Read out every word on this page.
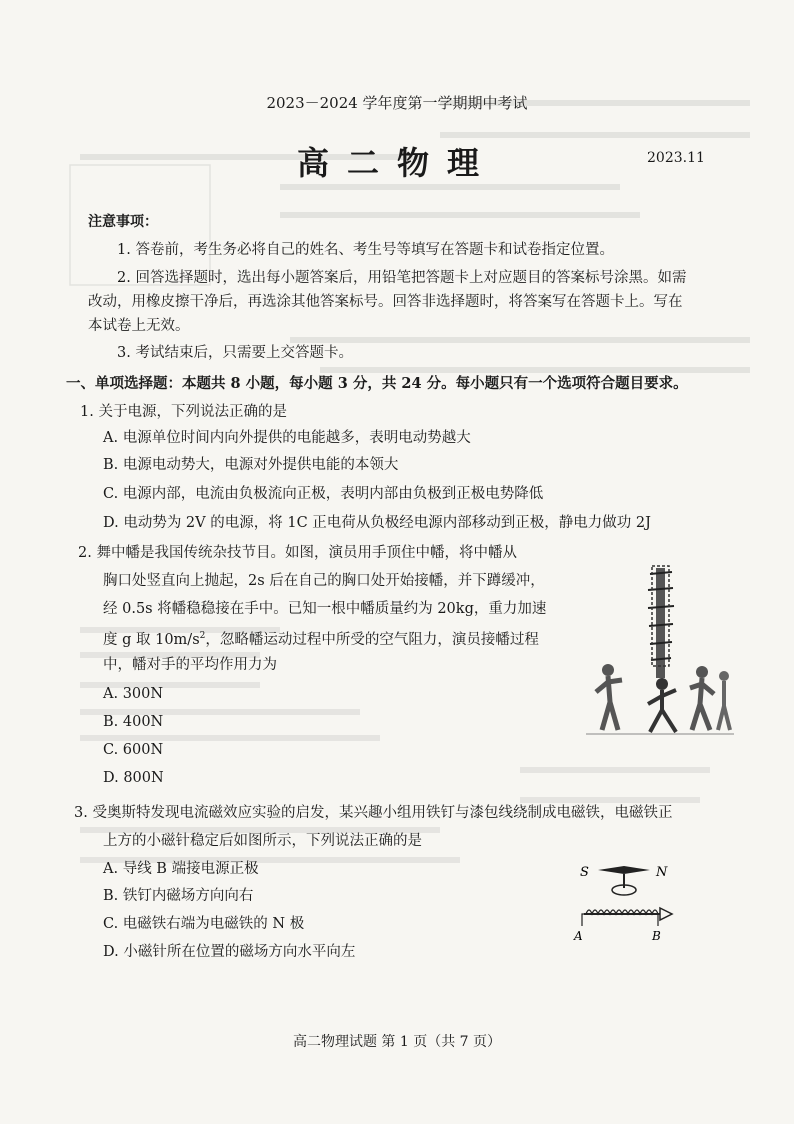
2023－2024 学年度第一学期期中考试
高二物理	2023.11
注意事项：

1. 答卷前，考生务必将自己的姓名、考生号等填写在答题卡和试卷指定位置。

2. 回答选择题时，选出每小题答案后，用铅笔把答题卡上对应题目的答案标号涂黑。如需

改动，用橡皮擦干净后，再选涂其他答案标号。回答非选择题时，将答案写在答题卡上。写在

本试卷上无效。

3. 考试结束后，只需要上交答题卡。

一、单项选择题：本题共 8 小题，每小题 3 分，共 24 分。每小题只有一个选项符合题目要求。

1. 关于电源，下列说法正确的是

A. 电源单位时间内向外提供的电能越多，表明电动势越大

B. 电源电动势大，电源对外提供电能的本领大

C. 电源内部，电流由负极流向正极，表明内部由负极到正极电势降低

D. 电动势为 2V 的电源，将 1C 正电荷从负极经电源内部移动到正极，静电力做功 2J

2. 舞中幡是我国传统杂技节目。如图，演员用手顶住中幡，将中幡从

胸口处竖直向上抛起，2s 后在自己的胸口处开始接幡，并下蹲缓冲，

经 0.5s 将幡稳稳接在手中。已知一根中幡质量约为 20kg，重力加速

度 g 取 $10m/s^2$，忽略幡运动过程中所受的空气阻力，演员接幡过程

中，幡对手的平均作用力为

A. 300N

B. 400N

C. 600N

D. 800N

3. 受奥斯特发现电流磁效应实验的启发，某兴趣小组用铁钉与漆包线绕制成电磁铁，电磁铁正

上方的小磁针稳定后如图所示，下列说法正确的是

A. 导线 B 端接电源正极

B. 铁钉内磁场方向向右

C. 电磁铁右端为电磁铁的 N 极

D. 小磁针所在位置的磁场方向水平向左

S	N
A	B
高二物理试题 第 1 页（共 7 页）
